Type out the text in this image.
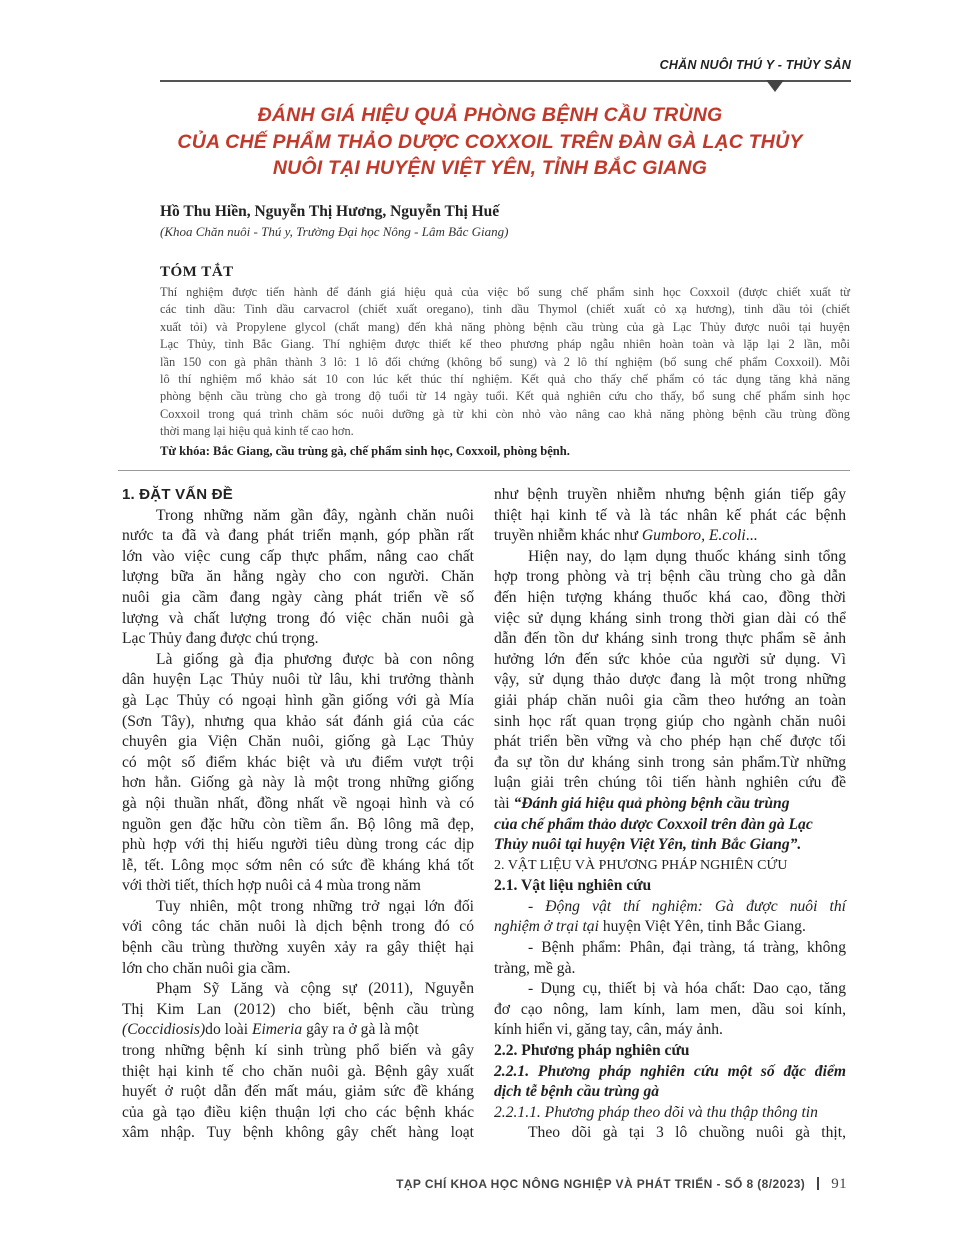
CHĂN NUÔI THÚ Y - THỦY SẢN
ĐÁNH GIÁ HIỆU QUẢ PHÒNG BỆNH CẦU TRÙNG
CỦA CHẾ PHẨM THẢO DƯỢC COXXOIL TRÊN ĐÀN GÀ LẠC THỦY
NUÔI TẠI HUYỆN VIỆT YÊN, TỈNH BẮC GIANG
Hồ Thu Hiền, Nguyễn Thị Hương, Nguyễn Thị Huế
(Khoa Chăn nuôi - Thú y, Trường Đại học Nông - Lâm Bắc Giang)
TÓM TẮT
Thí nghiệm được tiến hành để đánh giá hiệu quả của việc bổ sung chế phẩm sinh học Coxxoil (được chiết xuất từ
các tinh dầu: Tinh dầu carvacrol (chiết xuất oregano), tinh dầu Thymol (chiết xuất cỏ xạ hương), tinh dầu tỏi (chiết
xuất tỏi) và Propylene glycol (chất mang) đến khả năng phòng bệnh cầu trùng của gà Lạc Thủy được nuôi tại huyện
Lạc Thủy, tỉnh Bắc Giang. Thí nghiệm được thiết kế theo phương pháp ngẫu nhiên hoàn toàn và lặp lại 2 lần, mỗi
lần 150 con gà phân thành 3 lô: 1 lô đối chứng (không bổ sung) và 2 lô thí nghiệm (bổ sung chế phẩm Coxxoil). Mỗi
lô thí nghiệm mổ khảo sát 10 con lúc kết thúc thí nghiệm. Kết quả cho thấy chế phẩm có tác dụng tăng khả năng
phòng bệnh cầu trùng cho gà trong độ tuổi từ 14 ngày tuổi. Kết quả nghiên cứu cho thấy, bổ sung chế phẩm sinh học
Coxxoil trong quá trình chăm sóc nuôi dưỡng gà từ khi còn nhỏ vào nâng cao khả năng phòng bệnh cầu trùng đồng
thời mang lại hiệu quả kinh tế cao hơn.
Từ khóa: Bắc Giang, cầu trùng gà, chế phẩm sinh học, Coxxoil, phòng bệnh.
1. ĐẶT VẤN ĐỀ
Trong những năm gần đây, ngành chăn nuôi
nước ta đã và đang phát triển mạnh, góp phần rất
lớn vào việc cung cấp thực phẩm, nâng cao chất
lượng bữa ăn hằng ngày cho con người. Chăn
nuôi gia cầm đang ngày càng phát triển về số
lượng và chất lượng trong đó việc chăn nuôi gà
Lạc Thủy đang được chú trọng.
Là giống gà địa phương được bà con nông
dân huyện Lạc Thủy nuôi từ lâu, khi trưởng thành
gà Lạc Thủy có ngoại hình gần giống với gà Mía
(Sơn Tây), nhưng qua khảo sát đánh giá của các
chuyên gia Viện Chăn nuôi, giống gà Lạc Thủy
có một số điểm khác biệt và ưu điểm vượt trội
hơn hẳn. Giống gà này là một trong những giống
gà nội thuần nhất, đồng nhất về ngoại hình và có
nguồn gen đặc hữu còn tiềm ẩn. Bộ lông mã đẹp,
phù hợp với thị hiếu người tiêu dùng trong các dịp
lễ, tết. Lông mọc sớm nên có sức đề kháng khá tốt
với thời tiết, thích hợp nuôi cả 4 mùa trong năm
Tuy nhiên, một trong những trở ngại lớn đối
với công tác chăn nuôi là dịch bệnh trong đó có
bệnh cầu trùng thường xuyên xảy ra gây thiệt hại
lớn cho chăn nuôi gia cầm.
Phạm Sỹ Lăng và cộng sự (2011), Nguyễn
Thị Kim Lan (2012) cho biết, bệnh cầu trùng
(Coccidiosis)do loài Eimeria gây ra ở gà là một
trong những bệnh kí sinh trùng phổ biến và gây
thiệt hại kinh tế cho chăn nuôi gà. Bệnh gây xuất
huyết ở ruột dẫn đến mất máu, giảm sức đề kháng
của gà tạo điều kiện thuận lợi cho các bệnh khác
xâm nhập. Tuy bệnh không gây chết hàng loạt
như bệnh truyền nhiễm nhưng bệnh gián tiếp gây
thiệt hại kinh tế và là tác nhân kế phát các bệnh
truyền nhiễm khác như Gumboro, E.coli...
Hiện nay, do lạm dụng thuốc kháng sinh tổng
hợp trong phòng và trị bệnh cầu trùng cho gà dẫn
đến hiện tượng kháng thuốc khá cao, đồng thời
việc sử dụng kháng sinh trong thời gian dài có thể
dẫn đến tồn dư kháng sinh trong thực phẩm sẽ ảnh
hưởng lớn đến sức khỏe của người sử dụng. Vì
vậy, sử dụng thảo dược đang là một trong những
giải pháp chăn nuôi gia cầm theo hướng an toàn
sinh học rất quan trọng giúp cho ngành chăn nuôi
phát triển bền vững và cho phép hạn chế được tối
đa sự tồn dư kháng sinh trong sản phẩm.Từ những
luận giải trên chúng tôi tiến hành nghiên cứu đề
tài “Đánh giá hiệu quả phòng bệnh cầu trùng
của chế phẩm thảo dược Coxxoil trên đàn gà Lạc
Thủy nuôi tại huyện Việt Yên, tỉnh Bắc Giang”.
2. VẬT LIỆU VÀ PHƯƠNG PHÁP NGHIÊN CỨU
2.1. Vật liệu nghiên cứu
- Động vật thí nghiệm: Gà được nuôi thí
nghiệm ở trại tại huyện Việt Yên, tỉnh Bắc Giang.
- Bệnh phẩm: Phân, đại tràng, tá tràng, không
tràng, mề gà.
- Dụng cụ, thiết bị và hóa chất: Dao cạo, tăng
đơ cạo nông, lam kính, lam men, dầu soi kính,
kính hiển vi, găng tay, cân, máy ảnh.
2.2. Phương pháp nghiên cứu
2.2.1. Phương pháp nghiên cứu một số đặc điểm
dịch tễ bệnh cầu trùng gà
2.2.1.1. Phương pháp theo dõi và thu thập thông tin
Theo dõi gà tại 3 lô chuồng nuôi gà thịt,
TẠP CHÍ KHOA HỌC NÔNG NGHIỆP VÀ PHÁT TRIỂN - SỐ 8 (8/2023) 91
